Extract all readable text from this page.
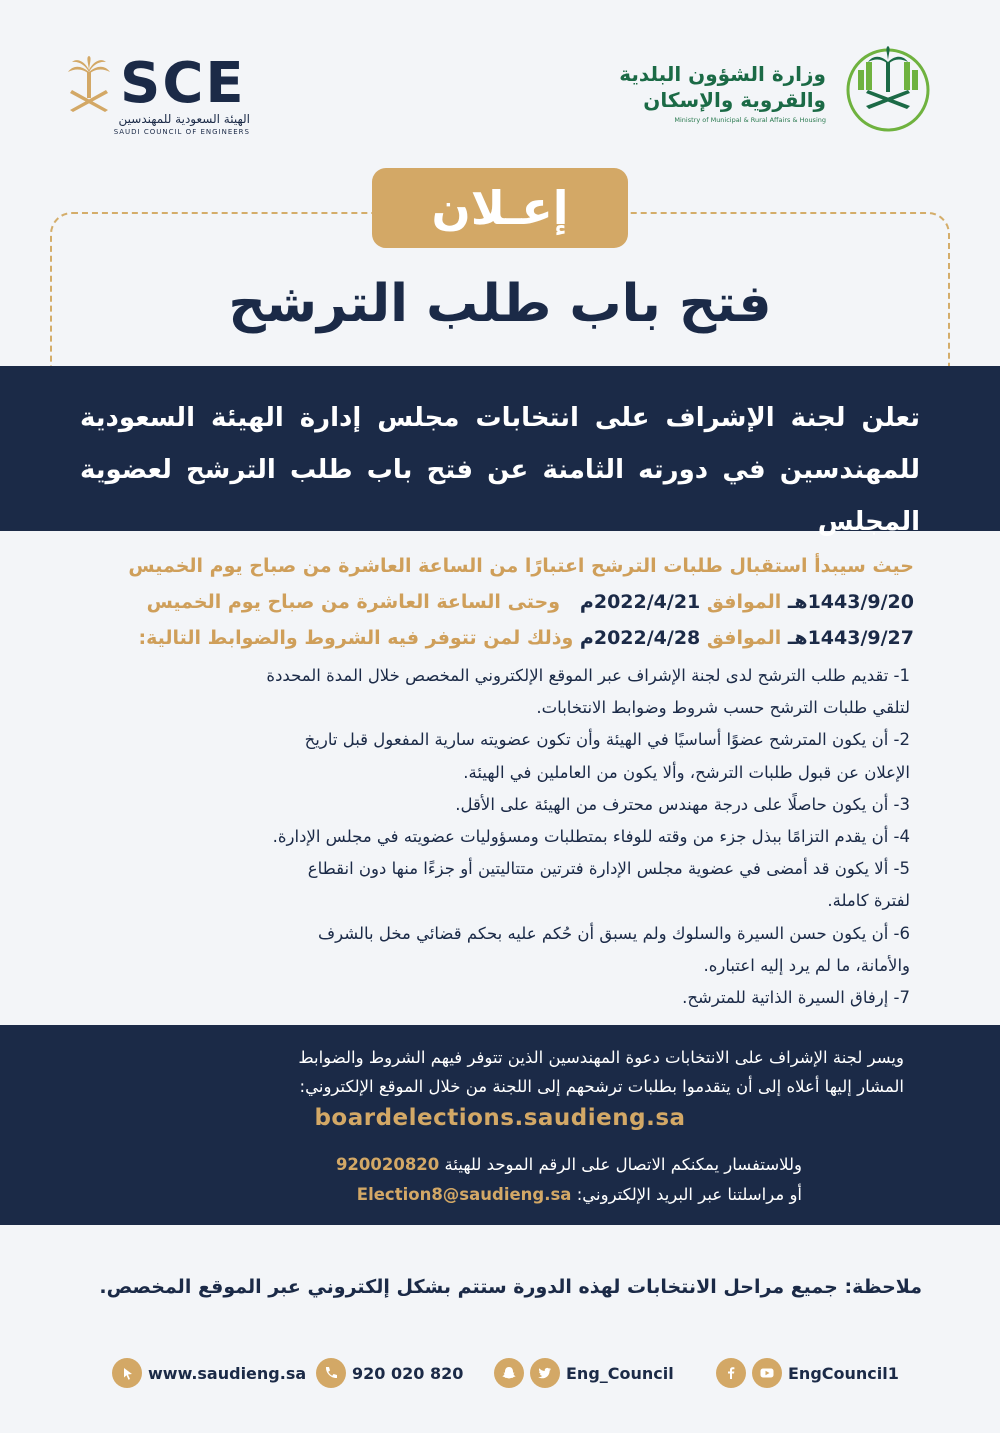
SCE
الهيئة السعودية للمهندسين
SAUDI COUNCIL OF ENGINEERS
وزارة الشؤون البلدية
والقروية والإسكان
Ministry of Municipal & Rural Affairs & Housing
إعـلان
فتح باب طلب الترشح
تعلن لجنة الإشراف على انتخابات مجلس إدارة الهيئة السعودية
للمهندسين في دورته الثامنة عن فتح باب طلب الترشح لعضوية المجلس
حيث سيبدأ استقبال طلبات الترشح اعتبارًا من الساعة العاشرة من صباح يوم الخميس
1443/9/20هـ الموافق 2022/4/21م   وحتى الساعة العاشرة من صباح يوم الخميس
1443/9/27هـ الموافق 2022/4/28م وذلك لمن تتوفر فيه الشروط والضوابط التالية:
1- تقديم طلب الترشح لدى لجنة الإشراف عبر الموقع الإلكتروني المخصص خلال المدة المحددة
لتلقي طلبات الترشح حسب شروط وضوابط الانتخابات.
2- أن يكون المترشح عضوًا أساسيًا في الهيئة وأن تكون عضويته سارية المفعول قبل تاريخ
الإعلان عن قبول طلبات الترشح، وألا يكون من العاملين في الهيئة.
3- أن يكون حاصلًا على درجة مهندس محترف من الهيئة على الأقل.
4- أن يقدم التزامًا ببذل جزء من وقته للوفاء بمتطلبات ومسؤوليات عضويته في مجلس الإدارة.
5- ألا يكون قد أمضى في عضوية مجلس الإدارة فترتين متتاليتين أو جزءًا منها دون انقطاع
لفترة كاملة.
6- أن يكون حسن السيرة والسلوك ولم يسبق أن حُكم عليه بحكم قضائي مخل بالشرف
والأمانة، ما لم يرد إليه اعتباره.
7- إرفاق السيرة الذاتية للمترشح.
ويسر لجنة الإشراف على الانتخابات دعوة المهندسين الذين تتوفر فيهم الشروط والضوابط
المشار إليها أعلاه إلى أن يتقدموا بطلبات ترشحهم إلى اللجنة من خلال الموقع الإلكتروني:
boardelections.saudieng.sa
وللاستفسار يمكنكم الاتصال على الرقم الموحد للهيئة 920020820
أو مراسلتنا عبر البريد الإلكتروني: Election8@saudieng.sa
ملاحظة: جميع مراحل الانتخابات لهذه الدورة ستتم بشكل إلكتروني عبر الموقع المخصص.
www.saudieng.sa	920 020 820	Eng_Council	EngCouncil1
